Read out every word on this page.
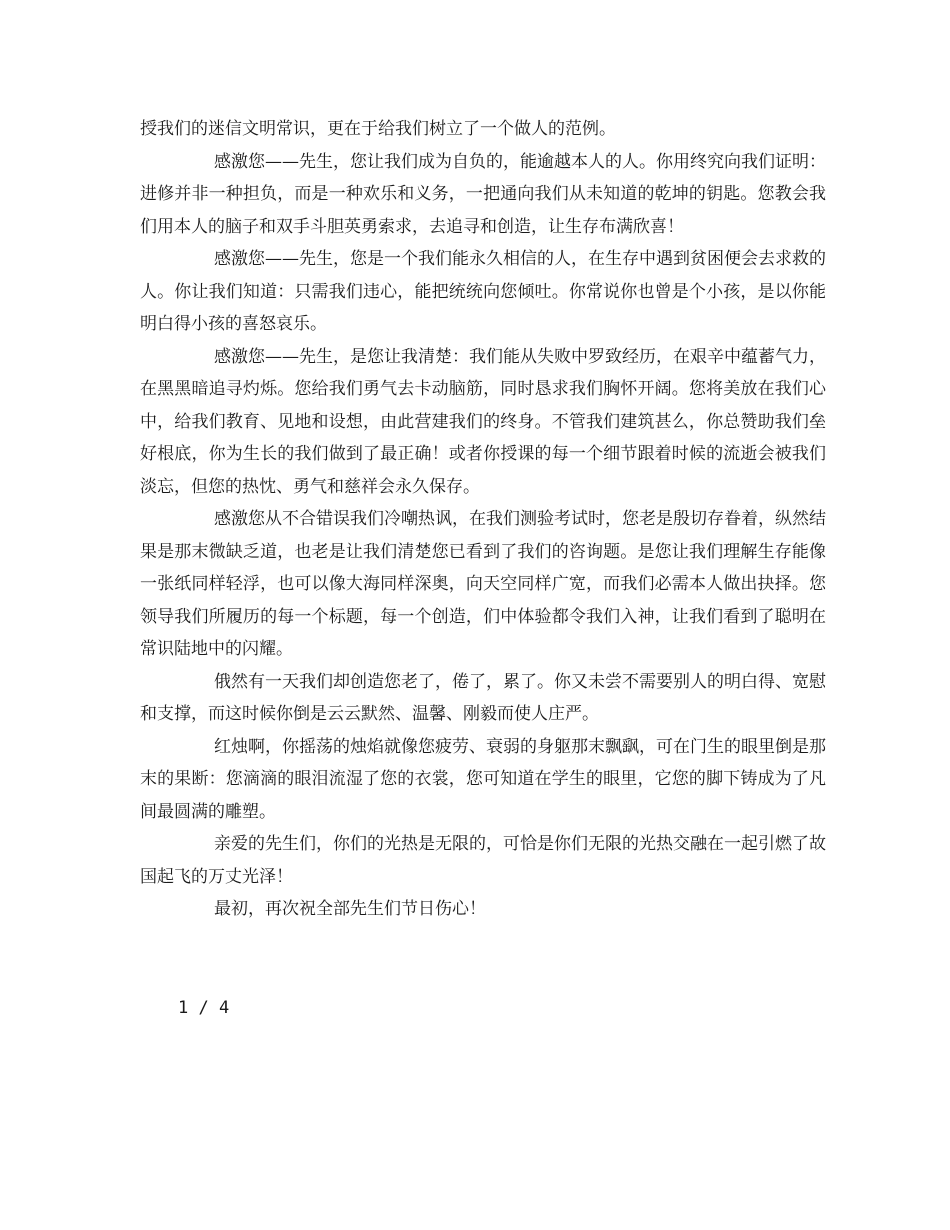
授我们的迷信文明常识，更在于给我们树立了一个做人的范例。

感激您——先生，您让我们成为自负的，能逾越本人的人。你用终究向我们证明：进修并非一种担负，而是一种欢乐和义务，一把通向我们从未知道的乾坤的钥匙。您教会我们用本人的脑子和双手斗胆英勇索求，去追寻和创造，让生存布满欣喜！

感激您——先生，您是一个我们能永久相信的人，在生存中遇到贫困便会去求救的人。你让我们知道：只需我们违心，能把统统向您倾吐。你常说你也曾是个小孩，是以你能明白得小孩的喜怒哀乐。

感激您——先生，是您让我清楚：我们能从失败中罗致经历，在艰辛中蕴蓄气力，在黑黑暗追寻灼烁。您给我们勇气去卡动脑筋，同时恳求我们胸怀开阔。您将美放在我们心中，给我们教育、见地和设想，由此营建我们的终身。不管我们建筑甚么，你总赞助我们垒好根底，你为生长的我们做到了最正确！或者你授课的每一个细节跟着时候的流逝会被我们淡忘，但您的热忱、勇气和慈祥会永久保存。

感激您从不合错误我们冷嘲热讽，在我们测验考试时，您老是殷切存眷着，纵然结果是那末微缺乏道，也老是让我们清楚您已看到了我们的咨询题。是您让我们理解生存能像一张纸同样轻浮，也可以像大海同样深奥，向天空同样广宽，而我们必需本人做出抉择。您领导我们所履历的每一个标题，每一个创造，们中体验都令我们入神，让我们看到了聪明在常识陆地中的闪耀。

俄然有一天我们却创造您老了，倦了，累了。你又未尝不需要别人的明白得、宽慰和支撑，而这时候你倒是云云默然、温馨、刚毅而使人庄严。

红烛啊，你摇荡的烛焰就像您疲劳、衰弱的身躯那末飘飖，可在门生的眼里倒是那末的果断：您滴滴的眼泪流湿了您的衣裳，您可知道在学生的眼里，它您的脚下铸成为了凡间最圆满的雕塑。

亲爱的先生们，你们的光热是无限的，可恰是你们无限的光热交融在一起引燃了故国起飞的万丈光泽！

最初，再次祝全部先生们节日伤心！

1 / 4
